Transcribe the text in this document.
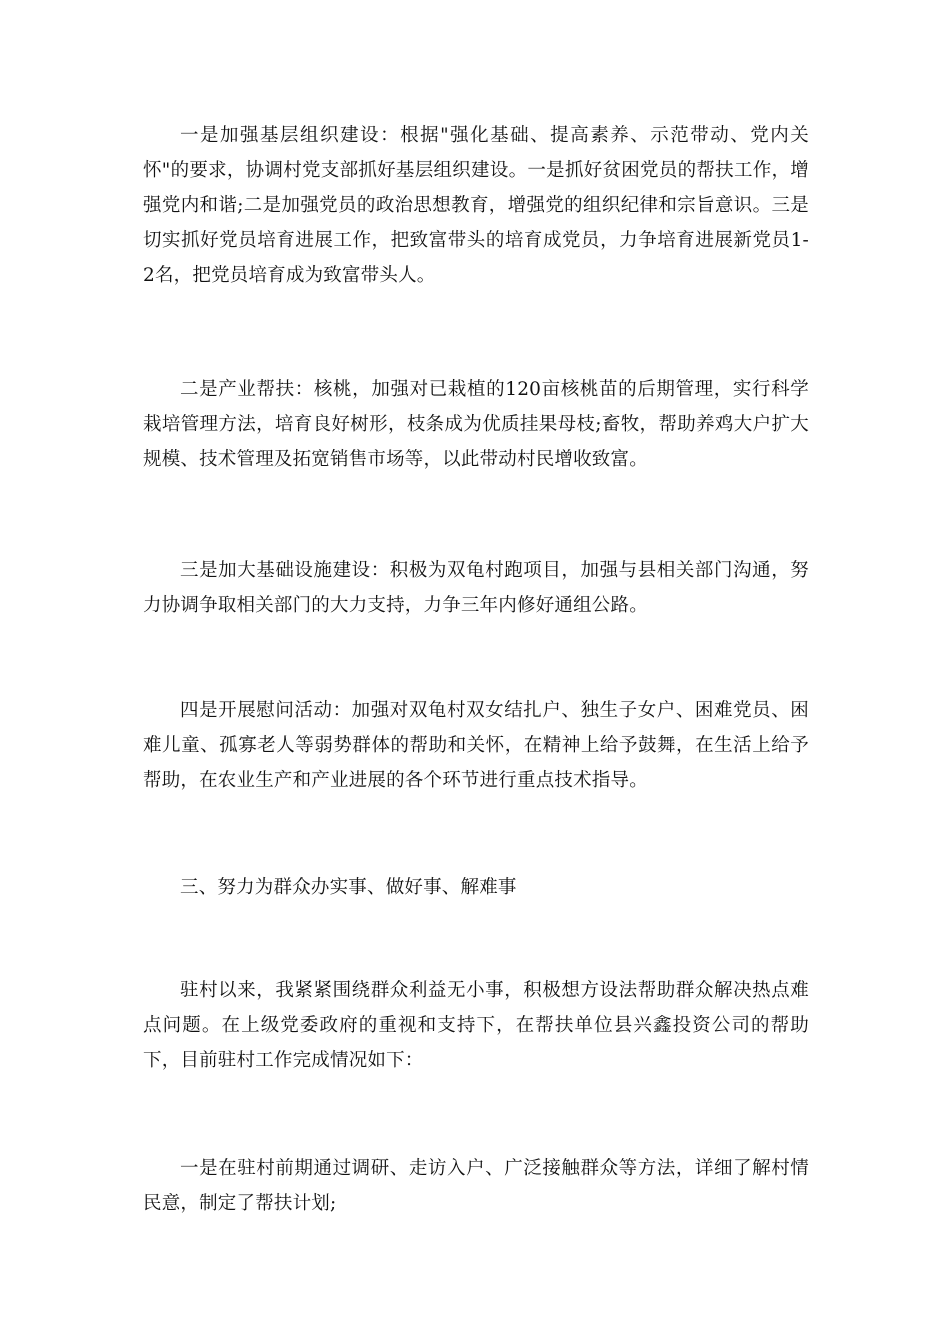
一是加强基层组织建设：根据"强化基础、提高素养、示范带动、党内关怀"的要求，协调村党支部抓好基层组织建设。一是抓好贫困党员的帮扶工作，增强党内和谐;二是加强党员的政治思想教育，增强党的组织纪律和宗旨意识。三是切实抓好党员培育进展工作，把致富带头的培育成党员，力争培育进展新党员1-2名，把党员培育成为致富带头人。

二是产业帮扶：核桃，加强对已栽植的120亩核桃苗的后期管理，实行科学栽培管理方法，培育良好树形，枝条成为优质挂果母枝;畜牧，帮助养鸡大户扩大规模、技术管理及拓宽销售市场等，以此带动村民增收致富。

三是加大基础设施建设：积极为双龟村跑项目，加强与县相关部门沟通，努力协调争取相关部门的大力支持，力争三年内修好通组公路。

四是开展慰问活动：加强对双龟村双女结扎户、独生子女户、困难党员、困难儿童、孤寡老人等弱势群体的帮助和关怀，在精神上给予鼓舞，在生活上给予帮助，在农业生产和产业进展的各个环节进行重点技术指导。

三、努力为群众办实事、做好事、解难事

驻村以来，我紧紧围绕群众利益无小事，积极想方设法帮助群众解决热点难点问题。在上级党委政府的重视和支持下，在帮扶单位县兴鑫投资公司的帮助下，目前驻村工作完成情况如下：

一是在驻村前期通过调研、走访入户、广泛接触群众等方法，详细了解村情民意，制定了帮扶计划;
